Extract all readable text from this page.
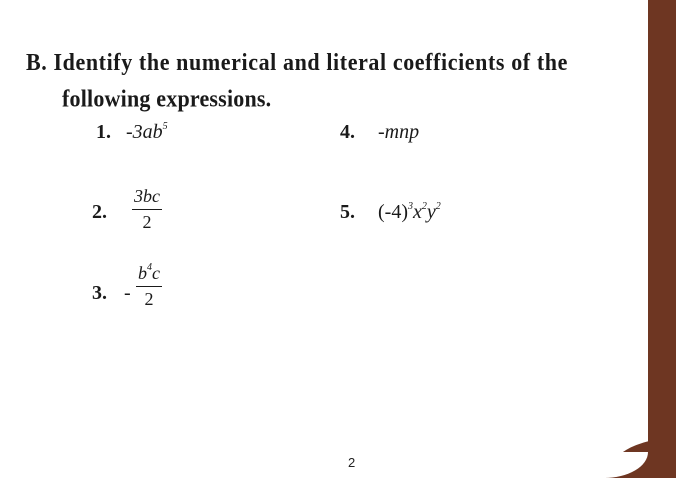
B. Identify the numerical and literal coefficients of the
following expressions.
1. $-3ab^5$	4. -mnp
2. $\frac{3bc}{2}$	5. $(-4)^3x^2y^2$
3. - $\frac{b^4c}{2}$
2
